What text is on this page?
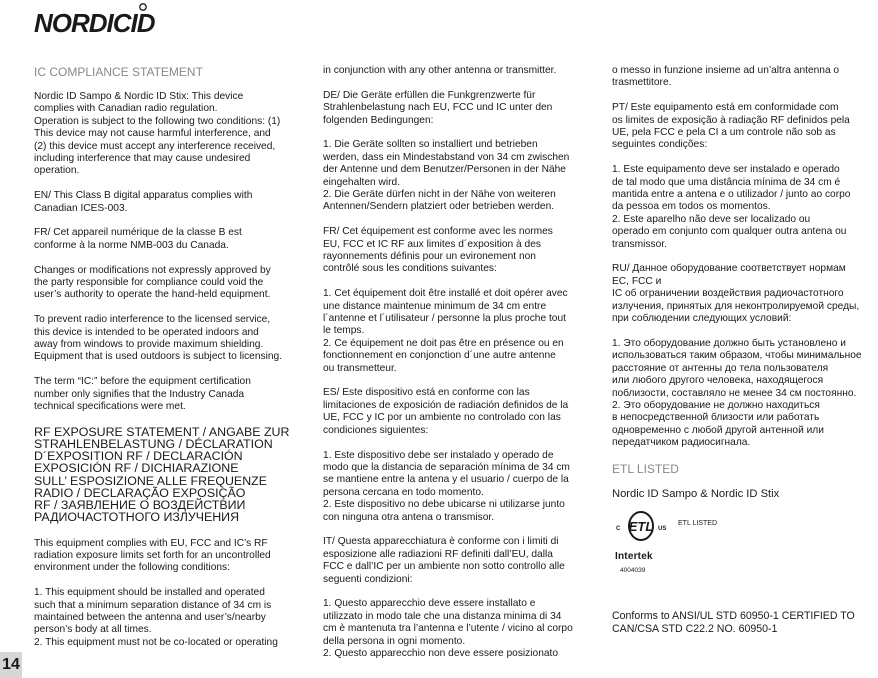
NORDICID
IC COMPLIANCE STATEMENT
Nordic ID Sampo & Nordic ID Stix: This device
complies with Canadian radio regulation.
Operation is subject to the following two conditions: (1)
This device may not cause harmful interference, and
(2) this device must accept any interference received,
including interference that may cause undesired
operation.
EN/ This Class B digital apparatus complies with
Canadian ICES-003.
FR/ Cet appareil numérique de la classe B est
conforme à la norme NMB-003 du Canada.
Changes or modifications not expressly approved by
the party responsible for compliance could void the
user’s authority to operate the hand-held equipment.
To prevent radio interference to the licensed service,
this device is intended to be operated indoors and
away from windows to provide maximum shielding.
Equipment that is used outdoors is subject to licensing.
The term “IC:” before the equipment certification
number only signifies that the Industry Canada
technical specifications were met.
RF EXPOSURE STATEMENT / ANGABE ZUR
STRAHLENBELASTUNG / DÉCLARATION
D´EXPOSITION RF / DECLARACIÓN
EXPOSICIÓN RF / DICHIARAZIONE
SULL’ ESPOSIZIONE ALLE FREQUENZE
RADIO / DECLARAÇÃO EXPOSIÇÃO
RF / ЗАЯВЛЕНИЕ О ВОЗДЕЙСТВИИ
РАДИОЧАСТОТНОГО ИЗЛУЧЕНИЯ
This equipment complies with EU, FCC and IC’s RF
radiation exposure limits set forth for an uncontrolled
environment under the following conditions:
1. This equipment should be installed and operated
such that a minimum separation distance of 34 cm is
maintained between the antenna and user’s/nearby
person’s body at all times.
2. This equipment must not be co-located or operating
in conjunction with any other antenna or transmitter.
DE/ Die Geräte erfüllen die Funkgrenzwerte für
Strahlenbelastung nach EU, FCC und IC unter den
folgenden Bedingungen:
1. Die Geräte sollten so installiert und betrieben
werden, dass ein Mindestabstand von 34 cm zwischen
der Antenne und dem Benutzer/Personen in der Nähe
eingehalten wird.
2. Die Geräte dürfen nicht in der Nähe von weiteren
Antennen/Sendern platziert oder betrieben werden.
FR/ Cet équipement est conforme avec les normes
EU, FCC et IC RF aux limites d´exposition à des
rayonnements définis pour un evironement non
contrôlé sous les conditions suivantes:
1. Cet équipement doit être installé et doit opérer avec
une distance maintenue minimum de 34 cm entre
l´antenne et l´utilisateur / personne la plus proche tout
le temps.
2. Ce équipement ne doit pas être en présence ou en
fonctionnement en conjonction d´une autre antenne
ou transmetteur.
ES/ Este dispositivo está en conforme con las
limitaciones de exposición de radiación definidos de la
UE, FCC y IC por un ambiente no controlado con las
condiciones siguientes:
1. Este dispositivo debe ser instalado y operado de
modo que la distancia de separación mínima de 34 cm
se mantiene entre la antena y el usuario / cuerpo de la
persona cercana en todo momento.
2. Este dispositivo no debe ubicarse ni utilizarse junto
con ninguna otra antena o transmisor.
IT/ Questa apparecchiatura è conforme con i limiti di
esposizione alle radiazioni RF definiti dall’EU, dalla
FCC e dall’IC per un ambiente non sotto controllo alle
seguenti condizioni:
1. Questo apparecchio deve essere installato e
utilizzato in modo tale che una distanza minima di 34
cm è mantenuta tra l’antenna e l’utente / vicino al corpo
della persona in ogni momento.
2. Questo apparecchio non deve essere posizionato
o messo in funzione insieme ad un’altra antenna o
trasmettitore.
PT/ Este equipamento está em conformidade com
os limites de exposição à radiação RF definidos pela
UE, pela FCC e pela CI a um controle não sob as
seguintes condições:
1. Este equipamento deve ser instalado e operado
de tal modo que uma distância mínima de 34 cm é
mantida entre a antena e o utilizador / junto ao corpo
da pessoa em todos os momentos.
2. Este aparelho não deve ser localizado ou
operado em conjunto com qualquer outra antena ou
transmissor.
RU/ Данное оборудование соответствует нормам
EC, FCC и
IC об ограничении воздействия радиочастотного
излучения, принятых для неконтролируемой среды,
при соблюдении следующих условий:
1. Это оборудование должно быть установлено и
использоваться таким образом, чтобы минимальное
расстояние от антенны до тела пользователя
или любого другого человека, находящегося
поблизости, составляло не менее 34 см постоянно.
2. Это оборудование не должно находиться
в непосредственной близости или работать
одновременно с любой другой антенной или
передатчиком радиосигнала.
ETL LISTED
Nordic ID Sampo & Nordic ID Stix
ETL
C	US
ETL LISTED
Intertek
4004039
Conforms to ANSI/UL STD 60950-1 CERTIFIED TO
CAN/CSA STD C22.2 NO. 60950-1
14
